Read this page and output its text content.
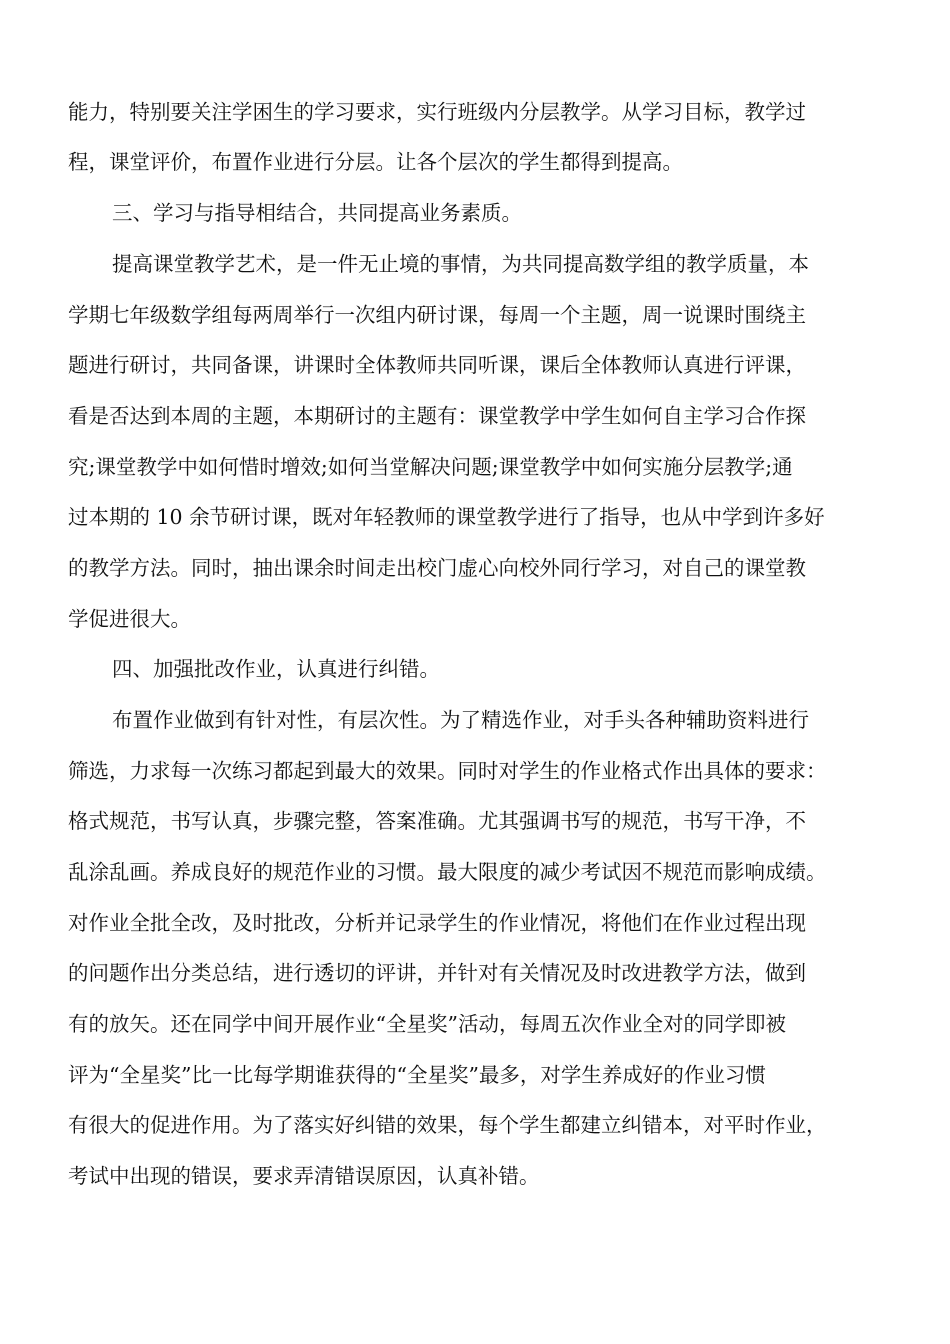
能力，特别要关注学困生的学习要求，实行班级内分层教学。从学习目标，教学过
程，课堂评价，布置作业进行分层。让各个层次的学生都得到提高。
三、学习与指导相结合，共同提高业务素质。
提高课堂教学艺术，是一件无止境的事情，为共同提高数学组的教学质量，本
学期七年级数学组每两周举行一次组内研讨课，每周一个主题，周一说课时围绕主
题进行研讨，共同备课，讲课时全体教师共同听课，课后全体教师认真进行评课，
看是否达到本周的主题，本期研讨的主题有：课堂教学中学生如何自主学习合作探
究;课堂教学中如何惜时增效;如何当堂解决问题;课堂教学中如何实施分层教学;通
过本期的 10 余节研讨课，既对年轻教师的课堂教学进行了指导，也从中学到许多好
的教学方法。同时，抽出课余时间走出校门虚心向校外同行学习，对自己的课堂教
学促进很大。
四、加强批改作业，认真进行纠错。
布置作业做到有针对性，有层次性。为了精选作业，对手头各种辅助资料进行
筛选，力求每一次练习都起到最大的效果。同时对学生的作业格式作出具体的要求：
格式规范，书写认真，步骤完整，答案准确。尤其强调书写的规范，书写干净，不
乱涂乱画。养成良好的规范作业的习惯。最大限度的减少考试因不规范而影响成绩。
对作业全批全改，及时批改，分析并记录学生的作业情况，将他们在作业过程出现
的问题作出分类总结，进行透切的评讲，并针对有关情况及时改进教学方法，做到
有的放矢。还在同学中间开展作业“全星奖”活动，每周五次作业全对的同学即被
评为“全星奖”比一比每学期谁获得的“全星奖”最多，对学生养成好的作业习惯
有很大的促进作用。为了落实好纠错的效果，每个学生都建立纠错本，对平时作业，
考试中出现的错误，要求弄清错误原因，认真补错。
